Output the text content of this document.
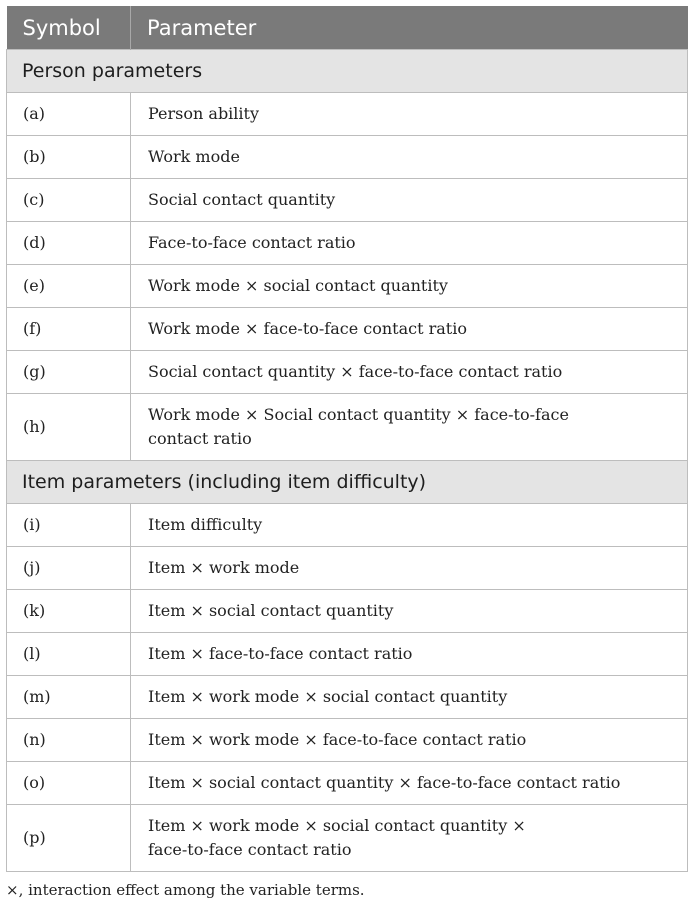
Symbol	Parameter
Person parameters	
(a)	Person ability
(b)	Work mode
(c)	Social contact quantity
(d)	Face-to-face contact ratio
(e)	Work mode × social contact quantity
(f)	Work mode × face-to-face contact ratio
(g)	Social contact quantity × face-to-face contact ratio
(h)	Work mode × Social contact quantity × face-to-face
contact ratio
Item parameters (including item difficulty)	
(i)	Item difficulty
(j)	Item × work mode
(k)	Item × social contact quantity
(l)	Item × face-to-face contact ratio
(m)	Item × work mode × social contact quantity
(n)	Item × work mode × face-to-face contact ratio
(o)	Item × social contact quantity × face-to-face contact ratio
(p)	Item × work mode × social contact quantity ×
face-to-face contact ratio
×, interaction effect among the variable terms.
